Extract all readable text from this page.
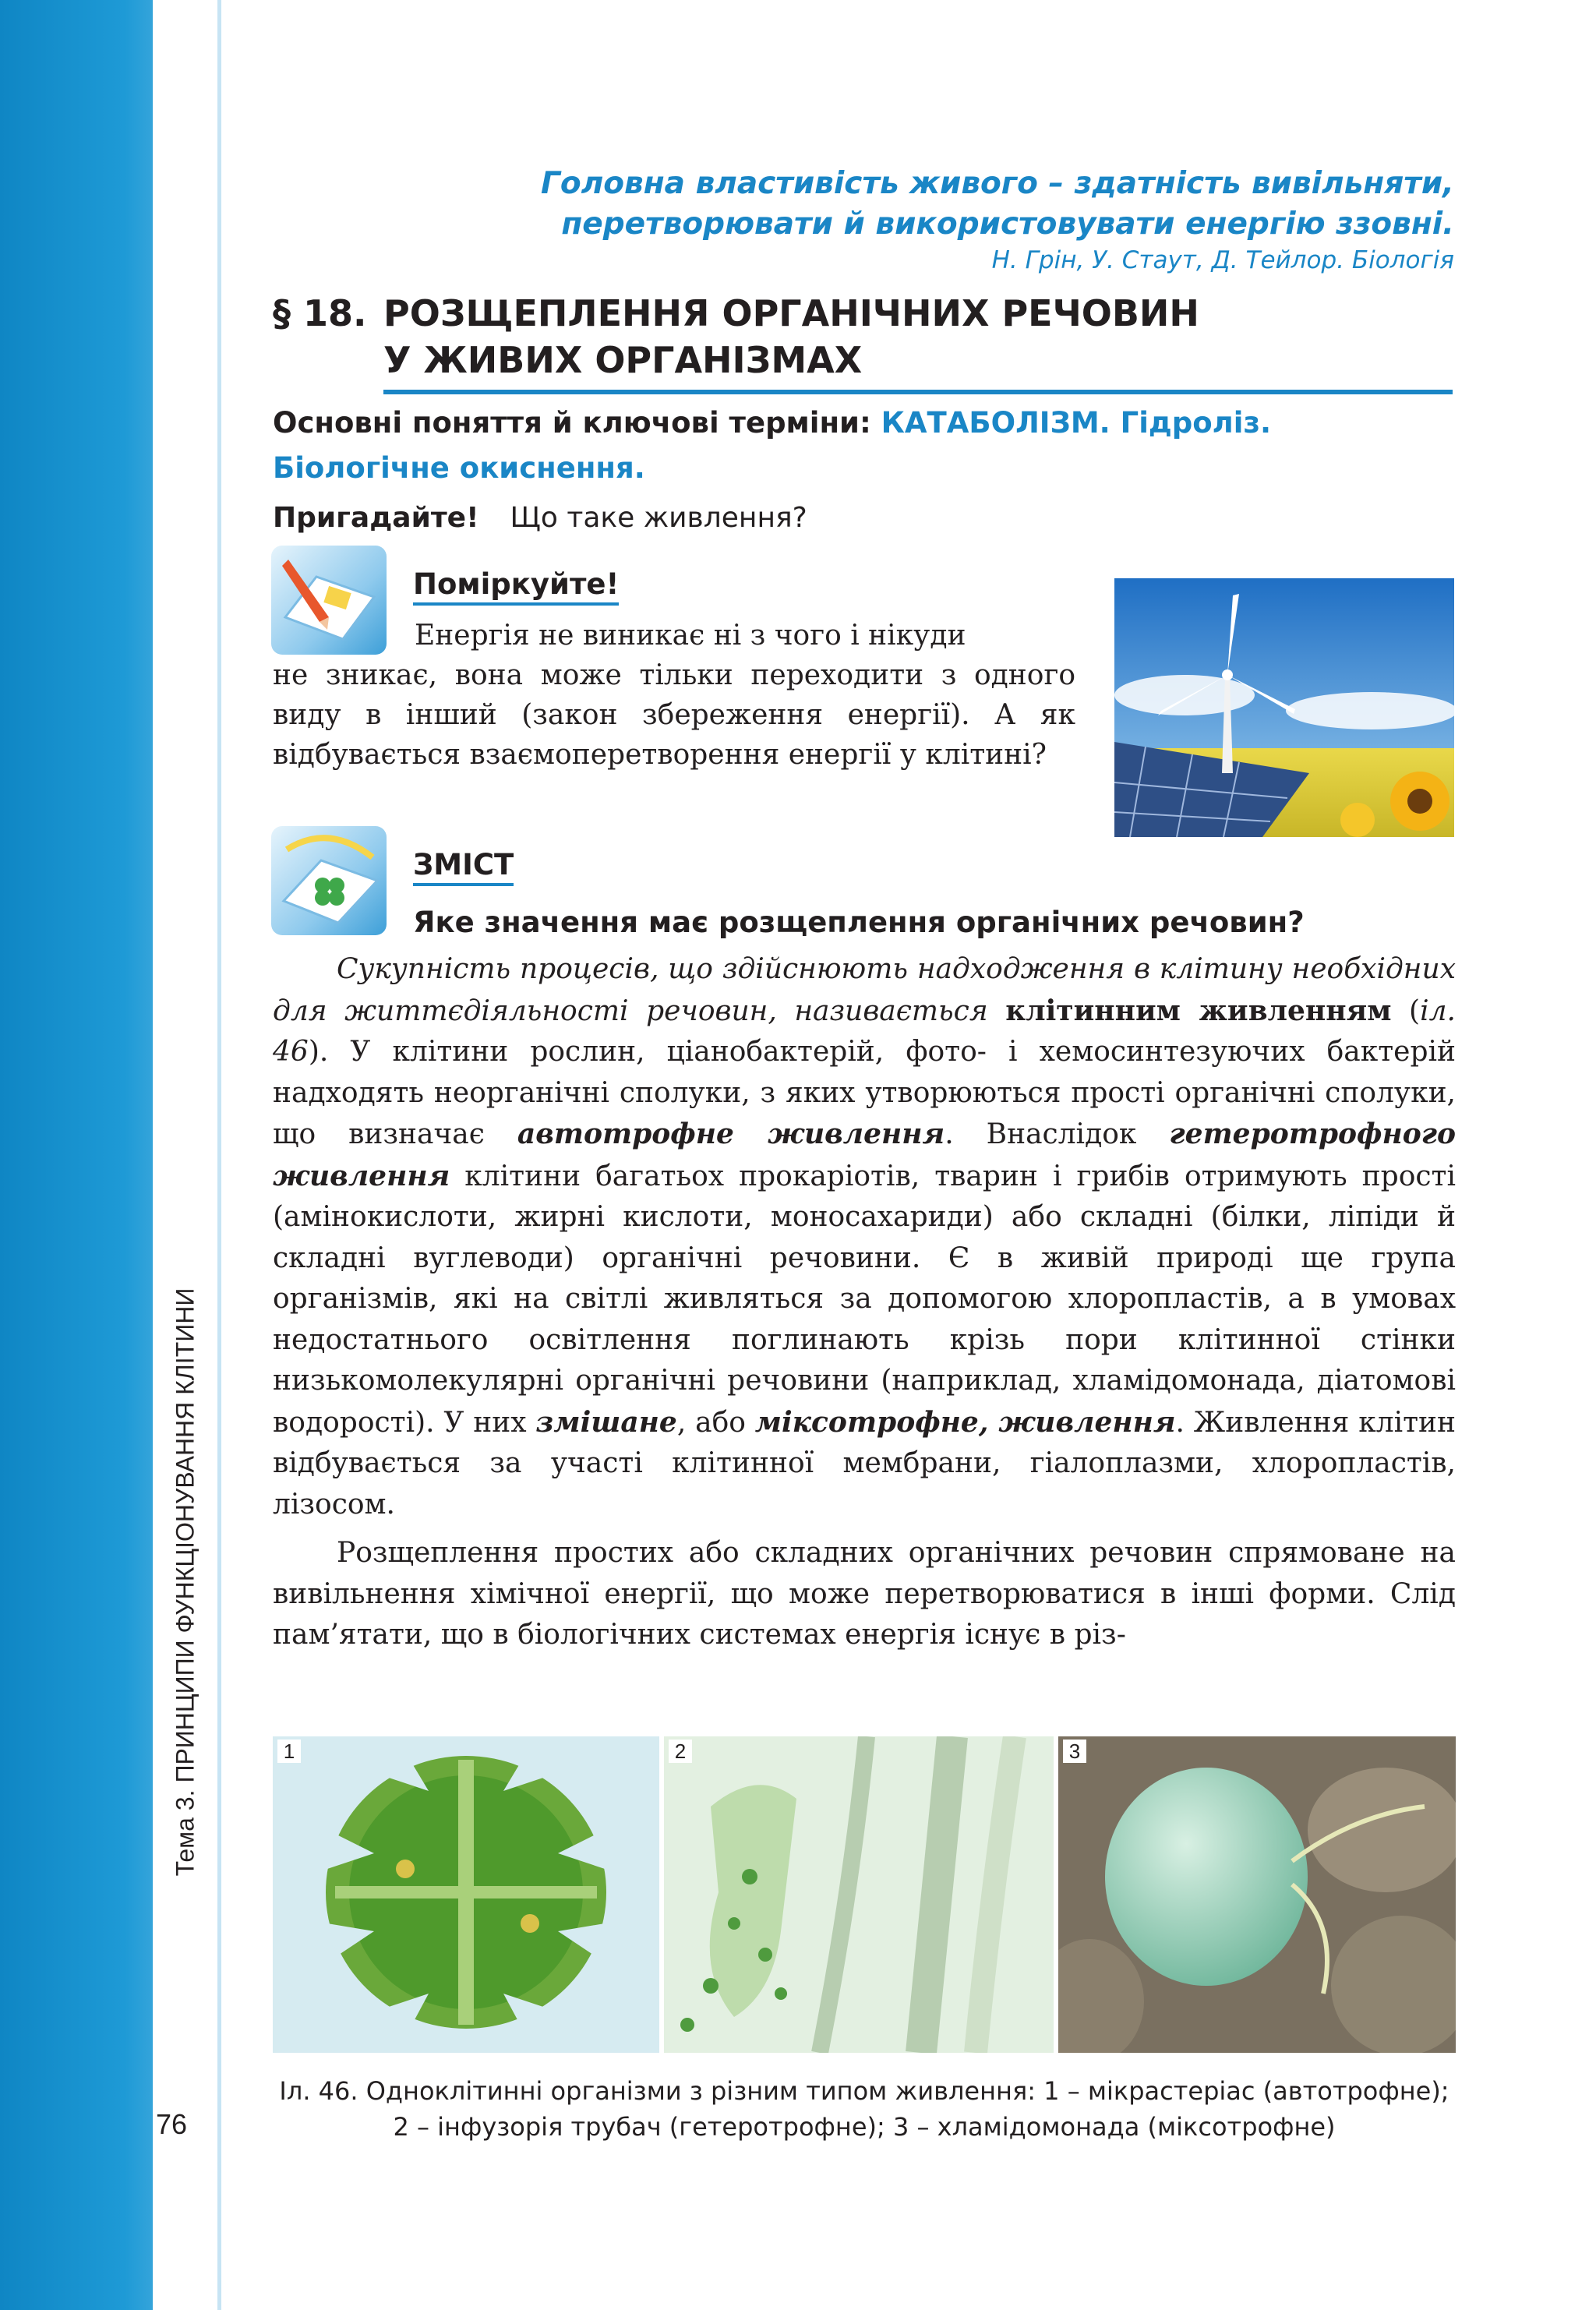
Тема 3. ПРИНЦИПИ ФУНКЦІОНУВАННЯ КЛІТИНИ
76
Головна властивість живого – здатність вивільняти,
перетворювати й використовувати енергію ззовні.
Н. Грін, У. Стаут, Д. Тейлор. Біологія
§ 18. РОЗЩЕПЛЕННЯ ОРГАНІЧНИХ РЕЧОВИН
У ЖИВИХ ОРГАНІЗМАХ
Основні поняття й ключові терміни: КАТАБОЛІЗМ. Гідроліз. Біологічне окиснення.
Пригадайте! Що таке живлення?
Поміркуйте!
Енергія не виникає ні з чого і нікуди
не зникає, вона може тільки переходити з одного виду в інший (закон збереження енергії). А як відбувається взаємоперетворення енергії у клітині?
ЗМІСТ
Яке значення має розщеплення органічних речовин?

Сукупність процесів, що здійснюють надходження в клітину необхідних для життєдіяльності речовин, називається клітинним живленням (іл. 46). У клітини рослин, ціанобактерій, фото- і хемосинтезуючих бактерій надходять неорганічні сполуки, з яких утворюються прості органічні сполуки, що визначає автотрофне живлення. Внаслідок гетеротрофного живлення клітини багатьох прокаріотів, тварин і грибів отримують прості (амінокислоти, жирні кислоти, моносахариди) або складні (білки, ліпіди й складні вуглеводи) органічні речовини. Є в живій природі ще група організмів, які на світлі живляться за допомогою хлоропластів, а в умовах недостатнього освітлення поглинають крізь пори клітинної стінки низькомолекулярні органічні речовини (наприклад, хламідомонада, діатомові водорості). У них змішане, або міксотрофне, живлення. Живлення клітин відбувається за участі клітинної мембрани, гіалоплазми, хлоропластів, лізосом.

Розщеплення простих або складних органічних речовин спрямоване на вивільнення хімічної енергії, що може перетворюватися в інші форми. Слід пам’ятати, що в біологічних системах енергія існує в різ-

1	2	3
Іл. 46. Одноклітинні організми з різним типом живлення: 1 – мікрастеріас (автотрофне);
2 – інфузорія трубач (гетеротрофне); 3 – хламідомонада (міксотрофне)
